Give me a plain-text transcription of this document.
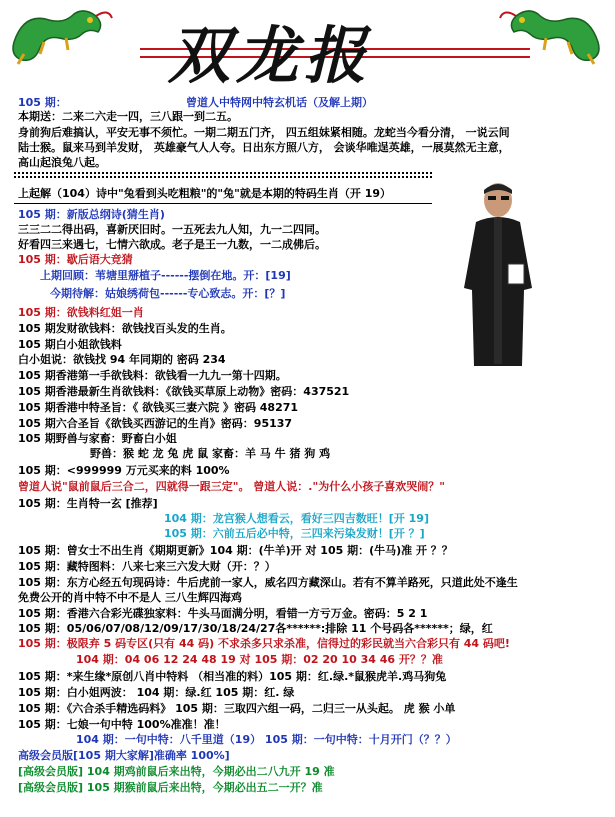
双龙报
105 期：	曾道人中特网中特玄机话（及解上期）
本期送：二来二六走一四，三八跟一到二五。
身前狗后难搞认，平安无事不须忙。一期二期五门齐， 四五组妹紧相随。龙蛇当今看分清， 一说云间
陆士猴。鼠来马到羊发财， 英雄豪气人人夸。日出东方照八方， 会谈华唯逞英雄，一展莫然无主意，
高山起浪兔八起。
上起解（104）诗中"兔看到头吃粗粮"的"兔"就是本期的特码生肖（开 19）
105 期：新版总纲诗(猜生肖)
三三二二得出码，喜新厌旧时。一五死去九人知，九一二四同。
好看四三来遇七，七情六欲成。老子是王一九数，一二成佛后。
105 期：歇后语大竞猜
上期回顾：苇塘里掰植子------摆倒在地。开：[19]
今期待解：姑娘绣荷包------专心致志。开：[？]
105 期：欲钱料红姐一肖
105 期发财欲钱料：欲钱找百头发的生肖。
105 期白小姐欲钱料
白小姐说：欲钱找 94 年同期的 密码 234
105 期香港第一手欲钱料：欲钱看一九九一第十四期。
105 期香港最新生肖欲钱料：《欲钱买草原上动物》密码：437521
105 期香港中特圣旨：《 欲钱买三妻六院 》密码 48271
105 期六合圣旨《欲钱买西游记的生肖》密码：95137
105 期野兽与家畜：野畜白小姐
野兽：猴 蛇 龙 兔 虎 鼠 家畜：羊 马 牛 猪 狗 鸡
105 期：<999999 万元买来的料 100%
曾道人说"鼠前鼠后三合二，四就得一跟三定"。 曾道人说：."为什么小孩子喜欢哭闹？"
105 期：生肖特一玄 [推荐]
104 期：龙宫猴人想看云，看好三四吉数旺！[开 19]
105 期：六前五后必中特，三四来污染发财！[开 ？]
105 期：曾女士不出生肖《期期更新》104 期：(牛羊)开 对 105 期：(牛马)准 开 ？？
105 期：藏特图料：八来七来三六发大财（开：？）
105 期：东方心经五句现码诗：牛后虎前一家人，威名四方藏深山。若有不算羊路死，只道此处不逢生
免费公开的肖中特不中不是人 三八生辉四海鸡
105 期：香港六合彩光碟独家料：牛头马面满分明，看错一方亏万金。密码：5 2 1
105 期：05/06/07/08/12/09/17/30/18/24/27各******:排除 11 个号码各******；绿，红
105 期：极限弃 5 码专区(只有 44 码) 不求杀多只求杀准，信得过的彩民就当六合彩只有 44 码吧!
104 期：04 06 12 24 48 19 对 105 期：02 20 10 34 46 开？？准
105 期：*来生缘*原创八肖中特料 （相当准的料）105 期：红.绿.*鼠猴虎羊.鸡马狗兔
105 期：白小姐两波： 104 期：绿.红 105 期：红. 绿
105 期：《六合杀手精选码料》 105 期：三取四六组一码，二归三一从头起。 虎 猴 小单
105 期：七娘一句中特 100%准准！准！
104 期：一句中特：八千里道（19） 105 期：一句中特：十月开门（？？）
高级会员版[105 期大家解]准确率 100%]
[高级会员版] 104 期鸡前鼠后来出特，今期必出二八九开 19 准
[高级会员版] 105 期猴前鼠后来出特，今期必出五二一开？准
